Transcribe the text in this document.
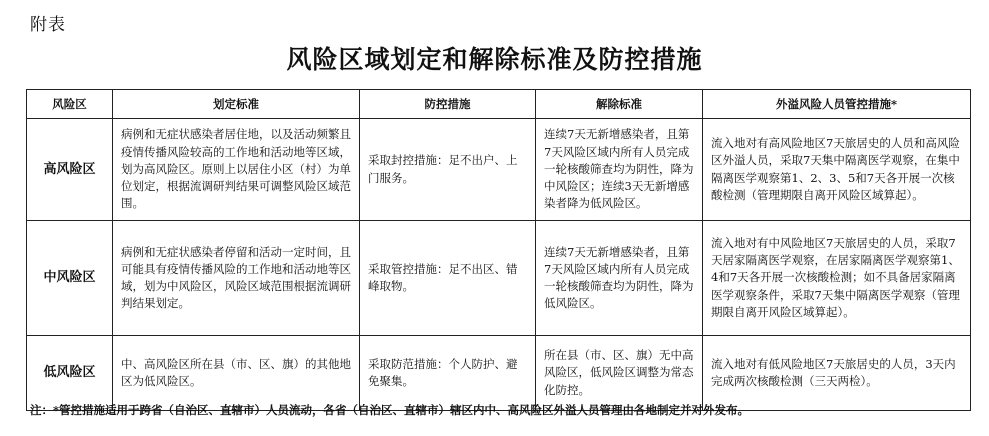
附表
风险区域划定和解除标准及防控措施
风险区	划定标准	防控措施	解除标准	外溢风险人员管控措施*
高风险区	病例和无症状感染者居住地，以及活动频繁且疫情传播风险较高的工作地和活动地等区域，划为高风险区。原则上以居住小区（村）为单位划定，根据流调研判结果可调整风险区域范围。	采取封控措施：足不出户、上门服务。	连续7天无新增感染者，且第7天风险区域内所有人员完成一轮核酸筛查均为阴性，降为中风险区；连续3天无新增感染者降为低风险区。	流入地对有高风险地区7天旅居史的人员和高风险区外溢人员，采取7天集中隔离医学观察，在集中隔离医学观察第1、2、3、5和7天各开展一次核酸检测（管理期限自离开风险区域算起）。
中风险区	病例和无症状感染者停留和活动一定时间，且可能具有疫情传播风险的工作地和活动地等区域，划为中风险区，风险区域范围根据流调研判结果划定。	采取管控措施：足不出区、错峰取物。	连续7天无新增感染者，且第7天风险区域内所有人员完成一轮核酸筛查均为阴性，降为低风险区。	流入地对有中风险地区7天旅居史的人员，采取7天居家隔离医学观察，在居家隔离医学观察第1、4和7天各开展一次核酸检测；如不具备居家隔离医学观察条件，采取7天集中隔离医学观察（管理期限自离开风险区域算起）。
低风险区	中、高风险区所在县（市、区、旗）的其他地区为低风险区。	采取防范措施：个人防护、避免聚集。	所在县（市、区、旗）无中高风险区，低风险区调整为常态化防控。	流入地对有低风险地区7天旅居史的人员，3天内完成两次核酸检测（三天两检）。
注：*管控措施适用于跨省（自治区、直辖市）人员流动，各省（自治区、直辖市）辖区内中、高风险区外溢人员管理由各地制定并对外发布。
